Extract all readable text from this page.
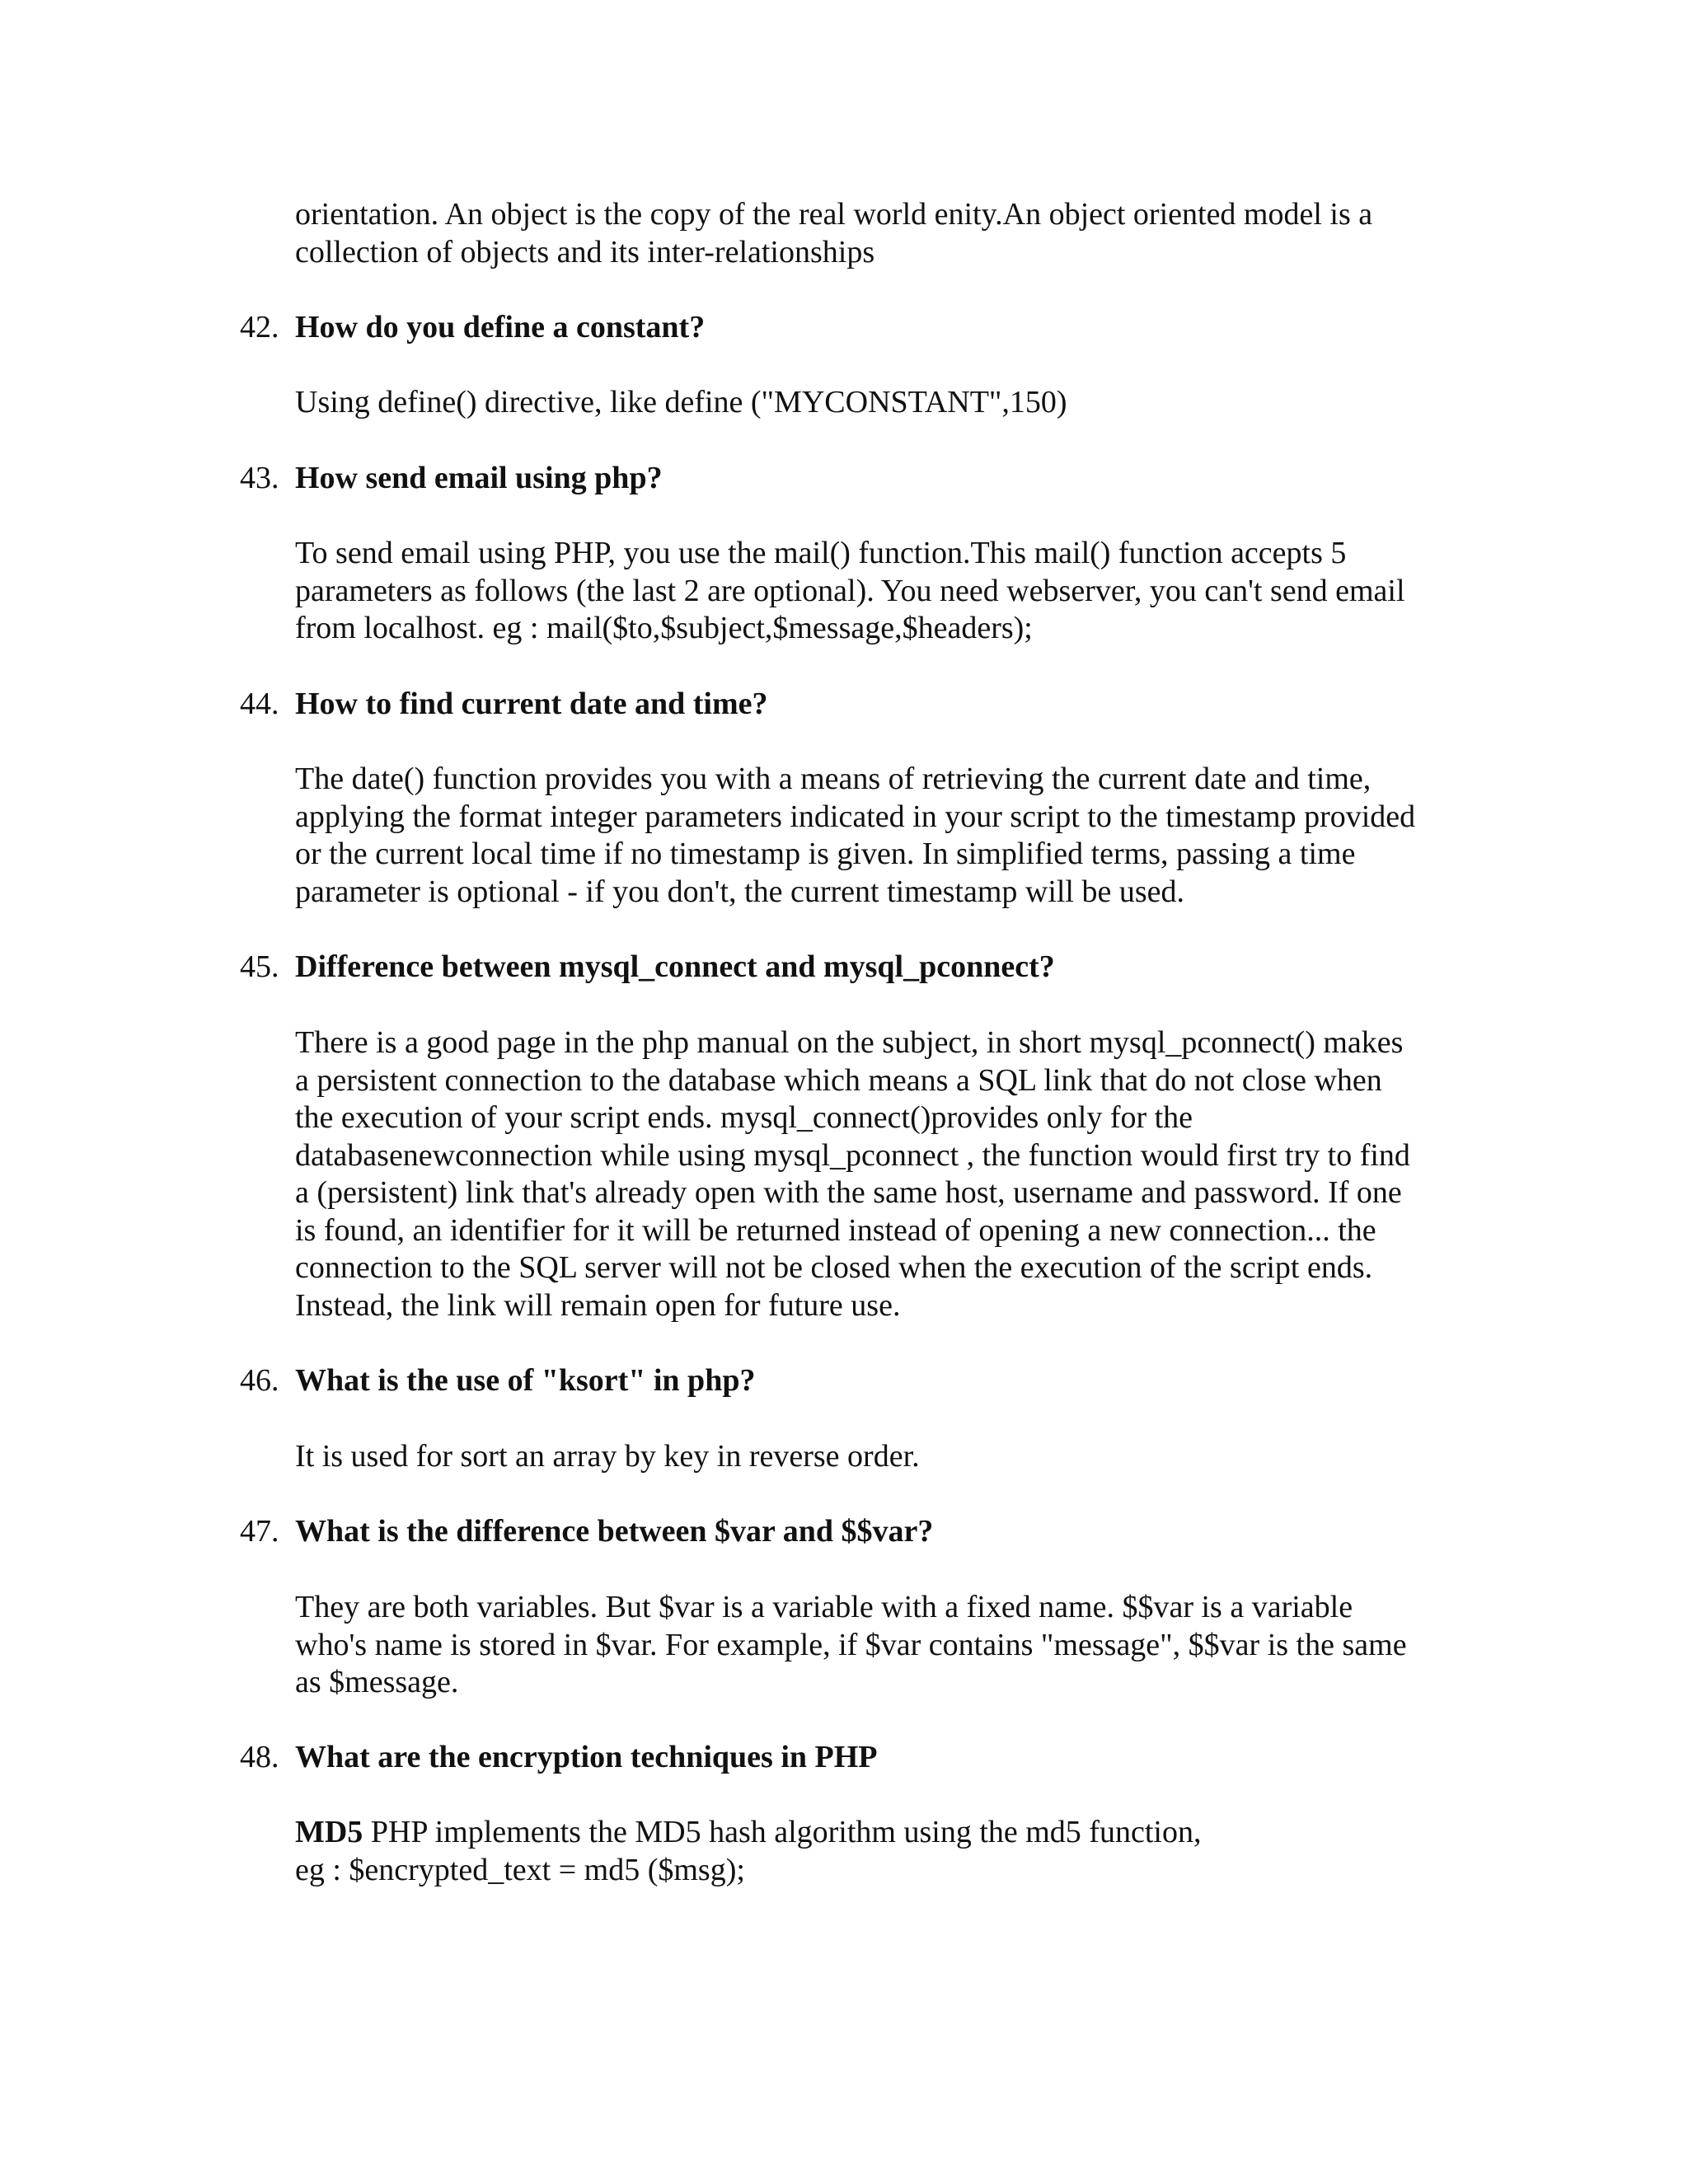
orientation. An object is the copy of the real world enity.An object oriented model is a
collection of objects and its inter-relationships

42. How do you define a constant?

Using define() directive, like define ("MYCONSTANT",150)

43. How send email using php?

To send email using PHP, you use the mail() function.This mail() function accepts 5
parameters as follows (the last 2 are optional). You need webserver, you can't send email
from localhost. eg : mail($to,$subject,$message,$headers);

44. How to find current date and time?

The date() function provides you with a means of retrieving the current date and time,
applying the format integer parameters indicated in your script to the timestamp provided
or the current local time if no timestamp is given. In simplified terms, passing a time
parameter is optional - if you don't, the current timestamp will be used.

45. Difference between mysql_connect and mysql_pconnect?

There is a good page in the php manual on the subject, in short mysql_pconnect() makes
a persistent connection to the database which means a SQL link that do not close when
the execution of your script ends. mysql_connect()provides only for the
databasenewconnection while using mysql_pconnect , the function would first try to find
a (persistent) link that's already open with the same host, username and password. If one
is found, an identifier for it will be returned instead of opening a new connection... the
connection to the SQL server will not be closed when the execution of the script ends.
Instead, the link will remain open for future use.

46. What is the use of "ksort" in php?

It is used for sort an array by key in reverse order.

47. What is the difference between $var and $$var?

They are both variables. But $var is a variable with a fixed name. $$var is a variable
who's name is stored in $var. For example, if $var contains "message", $$var is the same
as $message.

48. What are the encryption techniques in PHP

MD5 PHP implements the MD5 hash algorithm using the md5 function,
eg : $encrypted_text = md5 ($msg);
